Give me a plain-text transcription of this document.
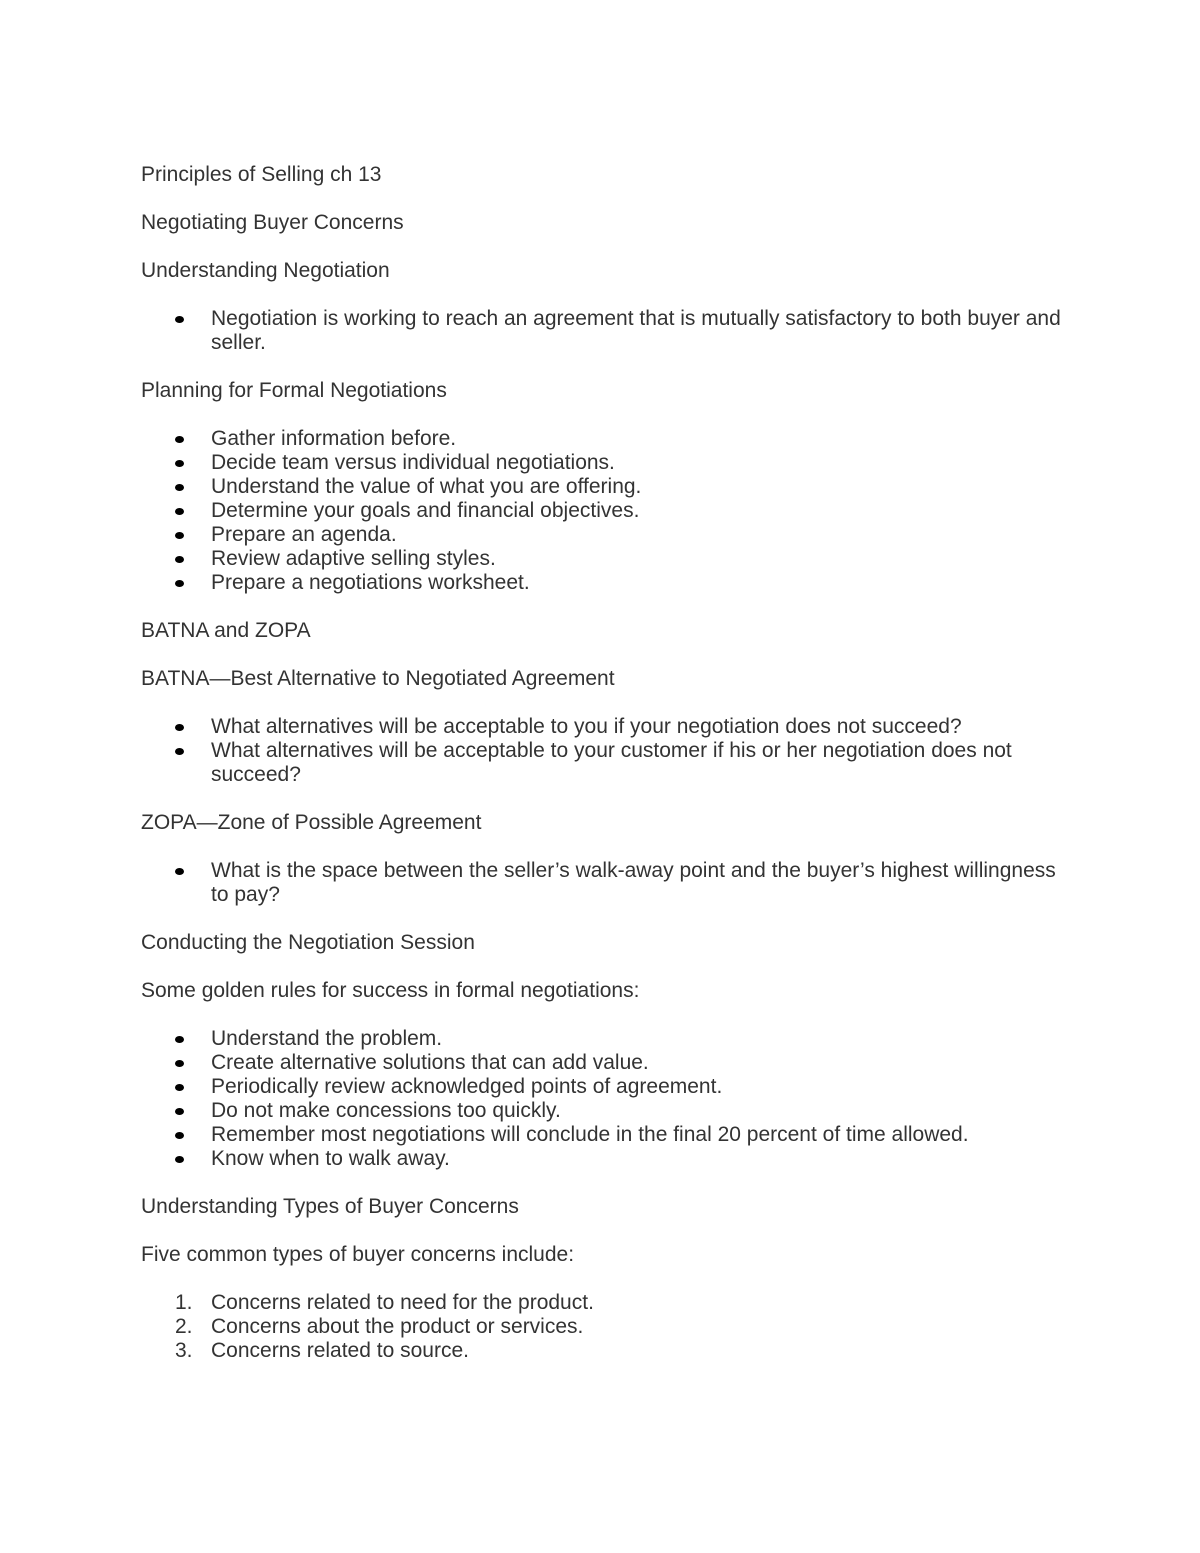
Principles of Selling ch 13

Negotiating Buyer Concerns

Understanding Negotiation

Negotiation is working to reach an agreement that is mutually satisfactory to both buyer and seller.

Planning for Formal Negotiations

Gather information before.
Decide team versus individual negotiations.
Understand the value of what you are offering.
Determine your goals and financial objectives.
Prepare an agenda.
Review adaptive selling styles.
Prepare a negotiations worksheet.

BATNA and ZOPA

BATNA—Best Alternative to Negotiated Agreement

What alternatives will be acceptable to you if your negotiation does not succeed?
What alternatives will be acceptable to your customer if his or her negotiation does not succeed?

ZOPA—Zone of Possible Agreement

What is the space between the seller’s walk-away point and the buyer’s highest willingness to pay?

Conducting the Negotiation Session

Some golden rules for success in formal negotiations:

Understand the problem.
Create alternative solutions that can add value.
Periodically review acknowledged points of agreement.
Do not make concessions too quickly.
Remember most negotiations will conclude in the final 20 percent of time allowed.
Know when to walk away.

Understanding Types of Buyer Concerns

Five common types of buyer concerns include:

1. Concerns related to need for the product.
2. Concerns about the product or services.
3. Concerns related to source.
